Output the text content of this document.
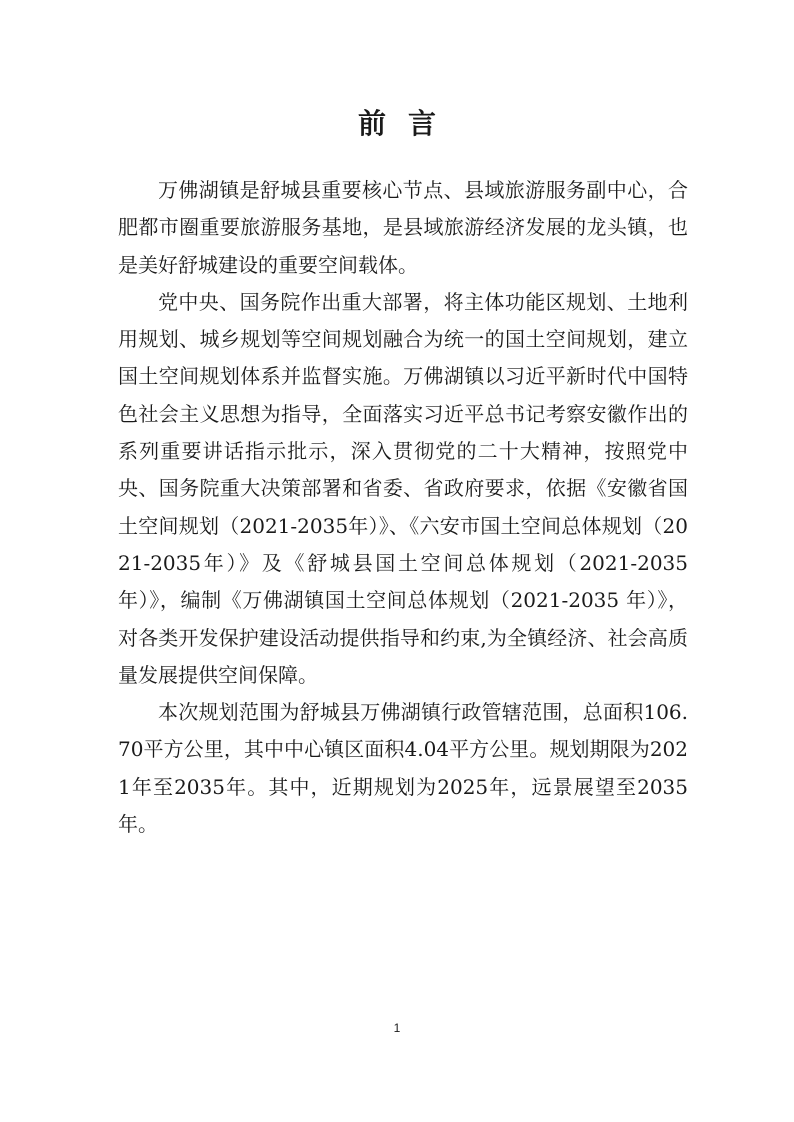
前言

万佛湖镇是舒城县重要核心节点、县域旅游服务副中心，合肥都市圈重要旅游服务基地，是县域旅游经济发展的龙头镇，也是美好舒城建设的重要空间载体。

党中央、国务院作出重大部署，将主体功能区规划、土地利用规划、城乡规划等空间规划融合为统一的国土空间规划，建立国土空间规划体系并监督实施。万佛湖镇以习近平新时代中国特色社会主义思想为指导，全面落实习近平总书记考察安徽作出的系列重要讲话指示批示，深入贯彻党的二十大精神，按照党中央、国务院重大决策部署和省委、省政府要求，依据《安徽省国土空间规划（2021-2035年）》、《六安市国土空间总体规划（2021-2035年）》及《舒城县国土空间总体规划（2021-2035 年）》，编制《万佛湖镇国土空间总体规划（2021-2035 年）》，对各类开发保护建设活动提供指导和约束,为全镇经济、社会高质量发展提供空间保障。

本次规划范围为舒城县万佛湖镇行政管辖范围，总面积106.70平方公里，其中中心镇区面积4.04平方公里。规划期限为2021年至2035年。其中，近期规划为2025年，远景展望至2035年。

1
